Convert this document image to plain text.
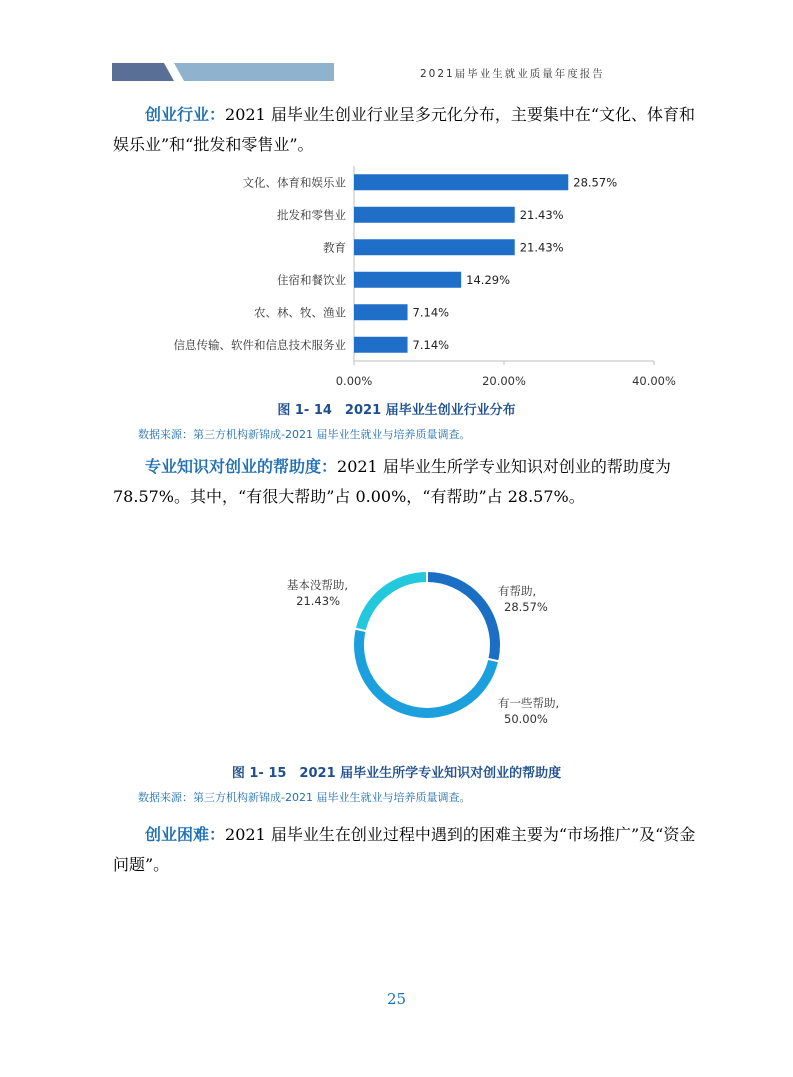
2021届毕业生就业质量年度报告

创业行业：2021 届毕业生创业行业呈多元化分布，主要集中在“文化、体育和娱乐业”和“批发和零售业”。

文化、体育和娱乐业	28.57%
批发和零售业	21.43%
教育	21.43%
住宿和餐饮业	14.29%
农、林、牧、渔业	7.14%
信息传输、软件和信息技术服务业	7.14%
0.00%	20.00%	40.00%
图 1- 14　2021 届毕业生创业行业分布
数据来源：第三方机构新锦成-2021 届毕业生就业与培养质量调查。

专业知识对创业的帮助度：2021 届毕业生所学专业知识对创业的帮助度为 78.57%。其中，“有很大帮助”占 0.00%，“有帮助”占 28.57%。

有帮助,
28.57%
有一些帮助,
50.00%
基本没帮助,
21.43%
图 1- 15　2021 届毕业生所学专业知识对创业的帮助度
数据来源：第三方机构新锦成-2021 届毕业生就业与培养质量调查。

创业困难：2021 届毕业生在创业过程中遇到的困难主要为“市场推广”及“资金问题”。

25
